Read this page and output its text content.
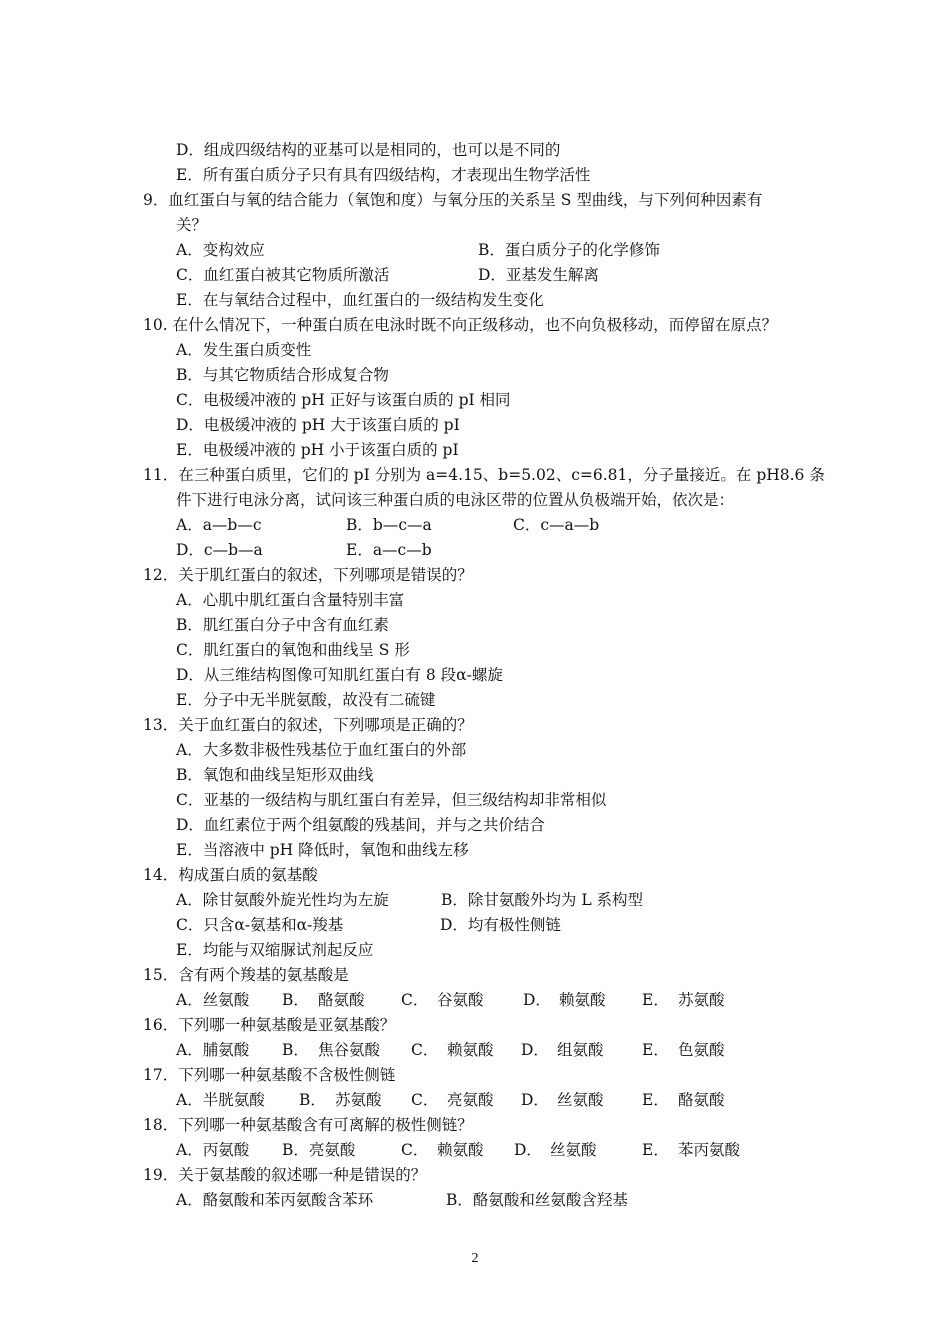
D．组成四级结构的亚基可以是相同的，也可以是不同的
E．所有蛋白质分子只有具有四级结构，才表现出生物学活性
9．血红蛋白与氧的结合能力（氧饱和度）与氧分压的关系呈 S 型曲线，与下列何种因素有
关？
A．变构效应	B．蛋白质分子的化学修饰
C．血红蛋白被其它物质所激活	D．亚基发生解离
E．在与氧结合过程中，血红蛋白的一级结构发生变化
10. 在什么情况下，一种蛋白质在电泳时既不向正级移动，也不向负极移动，而停留在原点？
A．发生蛋白质变性
B．与其它物质结合形成复合物
C．电极缓冲液的 pH 正好与该蛋白质的 pI 相同
D．电极缓冲液的 pH 大于该蛋白质的 pI
E．电极缓冲液的 pH 小于该蛋白质的 pI
11．在三种蛋白质里，它们的 pI 分别为 a=4.15、b=5.02、c=6.81，分子量接近。在 pH8.6 条
件下进行电泳分离，试问该三种蛋白质的电泳区带的位置从负极端开始，依次是：
A．a—b—c	B．b—c—a	C．c—a—b
D．c—b—a	E．a—c—b
12．关于肌红蛋白的叙述，下列哪项是错误的？
A．心肌中肌红蛋白含量特别丰富
B．肌红蛋白分子中含有血红素
C．肌红蛋白的氧饱和曲线呈 S 形
D．从三维结构图像可知肌红蛋白有 8 段α-螺旋
E．分子中无半胱氨酸，故没有二硫键
13．关于血红蛋白的叙述，下列哪项是正确的？
A．大多数非极性残基位于血红蛋白的外部
B．氧饱和曲线呈矩形双曲线
C．亚基的一级结构与肌红蛋白有差异，但三级结构却非常相似
D．血红素位于两个组氨酸的残基间，并与之共价结合
E．当溶液中 pH 降低时，氧饱和曲线左移
14．构成蛋白质的氨基酸
A．除甘氨酸外旋光性均为左旋	B．除甘氨酸外均为 L 系构型
C．只含α-氨基和α-羧基	D．均有极性侧链
E．均能与双缩脲试剂起反应
15．含有两个羧基的氨基酸是
A．丝氨酸 B． 酪氨酸 C． 谷氨酸	D． 赖氨酸 E． 苏氨酸
16．下列哪一种氨基酸是亚氨基酸？
A．脯氨酸 B． 焦谷氨酸 C． 赖氨酸 D． 组氨酸 E． 色氨酸
17．下列哪一种氨基酸不含极性侧链
A．半胱氨酸 B． 苏氨酸 C． 亮氨酸 D． 丝氨酸 E． 酪氨酸
18．下列哪一种氨基酸含有可离解的极性侧链？
A．丙氨酸 B．亮氨酸	C． 赖氨酸 D． 丝氨酸	E． 苯丙氨酸
19．关于氨基酸的叙述哪一种是错误的？
A．酪氨酸和苯丙氨酸含苯环	B．酪氨酸和丝氨酸含羟基
2
